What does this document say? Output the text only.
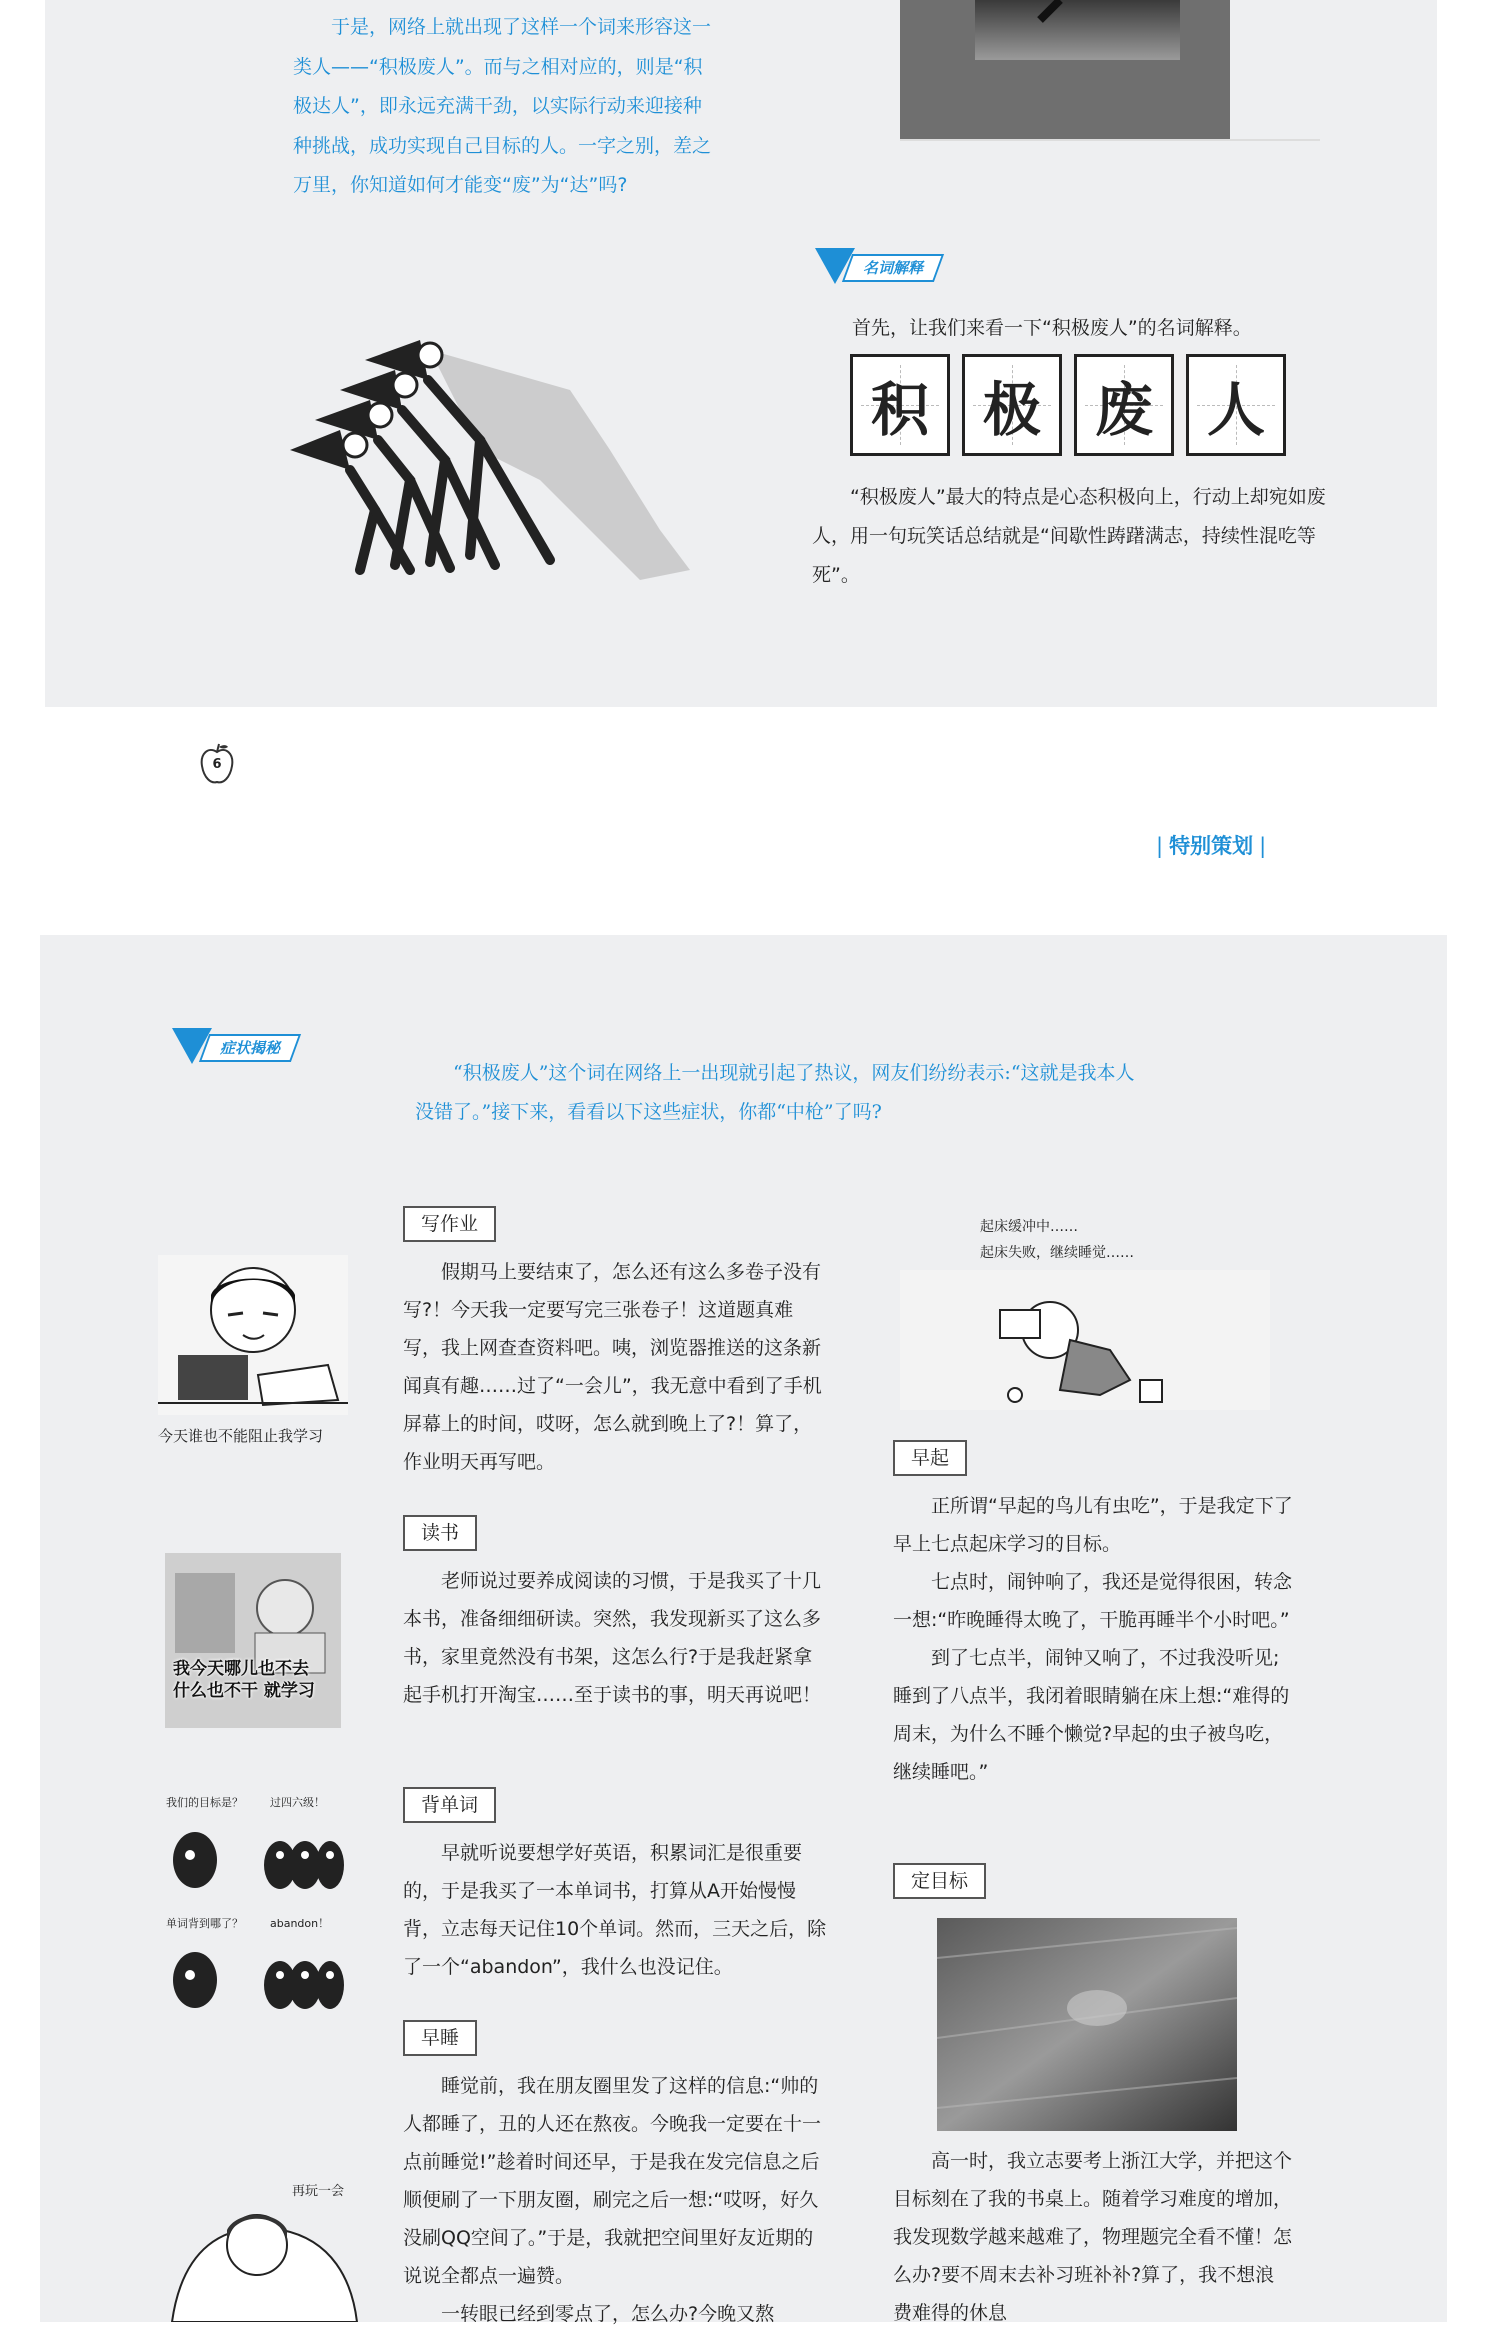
于是，网络上就出现了这样一个词来形容这一类人——“积极废人”。而与之相对应的，则是“积极达人”，即永远充满干劲，以实际行动来迎接种种挑战，成功实现自己目标的人。一字之别，差之万里，你知道如何才能变“废”为“达”吗?

名词解释
首先，让我们来看一下“积极废人”的名词解释。
积 极 废 人

“积极废人”最大的特点是心态积极向上，行动上却宛如废人，用一句玩笑话总结就是“间歇性踌躇满志，持续性混吃等死”。

6
| 特别策划 |
症状揭秘

“积极废人”这个词在网络上一出现就引起了热议，网友们纷纷表示:“这就是我本人没错了。”接下来，看看以下这些症状，你都“中枪”了吗?

今天谁也不能阻止我学习
我今天哪儿也不去
什么也不干 就学习
我们的目标是？ 过四六级！
单词背到哪了？ abandon！
再玩一会
写作业

假期马上要结束了，怎么还有这么多卷子没有写?！今天我一定要写完三张卷子！这道题真难写，我上网查查资料吧。咦，浏览器推送的这条新闻真有趣……过了“一会儿”，我无意中看到了手机屏幕上的时间，哎呀，怎么就到晚上了?！算了，作业明天再写吧。

读书

老师说过要养成阅读的习惯，于是我买了十几本书，准备细细研读。突然，我发现新买了这么多书，家里竟然没有书架，这怎么行?于是我赶紧拿起手机打开淘宝……至于读书的事，明天再说吧！

背单词

早就听说要想学好英语，积累词汇是很重要的，于是我买了一本单词书，打算从A开始慢慢背，立志每天记住10个单词。然而，三天之后，除了一个“abandon”，我什么也没记住。

早睡

睡觉前，我在朋友圈里发了这样的信息:“帅的人都睡了，丑的人还在熬夜。今晚我一定要在十一点前睡觉!”趁着时间还早，于是我在发完信息之后顺便刷了一下朋友圈，刷完之后一想:“哎呀，好久没刷QQ空间了。”于是，我就把空间里好友近期的说说全都点一遍赞。

一转眼已经到零点了，怎么办?今晚又熬

起床缓冲中……
起床失败，继续睡觉……
早起

正所谓“早起的鸟儿有虫吃”，于是我定下了早上七点起床学习的目标。

七点时，闹钟响了，我还是觉得很困，转念一想:“昨晚睡得太晚了，干脆再睡半个小时吧。”

到了七点半，闹钟又响了，不过我没听见;睡到了八点半，我闭着眼睛躺在床上想:“难得的周末，为什么不睡个懒觉?早起的虫子被鸟吃，继续睡吧。”

定目标

高一时，我立志要考上浙江大学，并把这个目标刻在了我的书桌上。随着学习难度的增加，我发现数学越来越难了，物理题完全看不懂！怎么办?要不周末去补习班补补?算了，我不想浪费难得的休息
